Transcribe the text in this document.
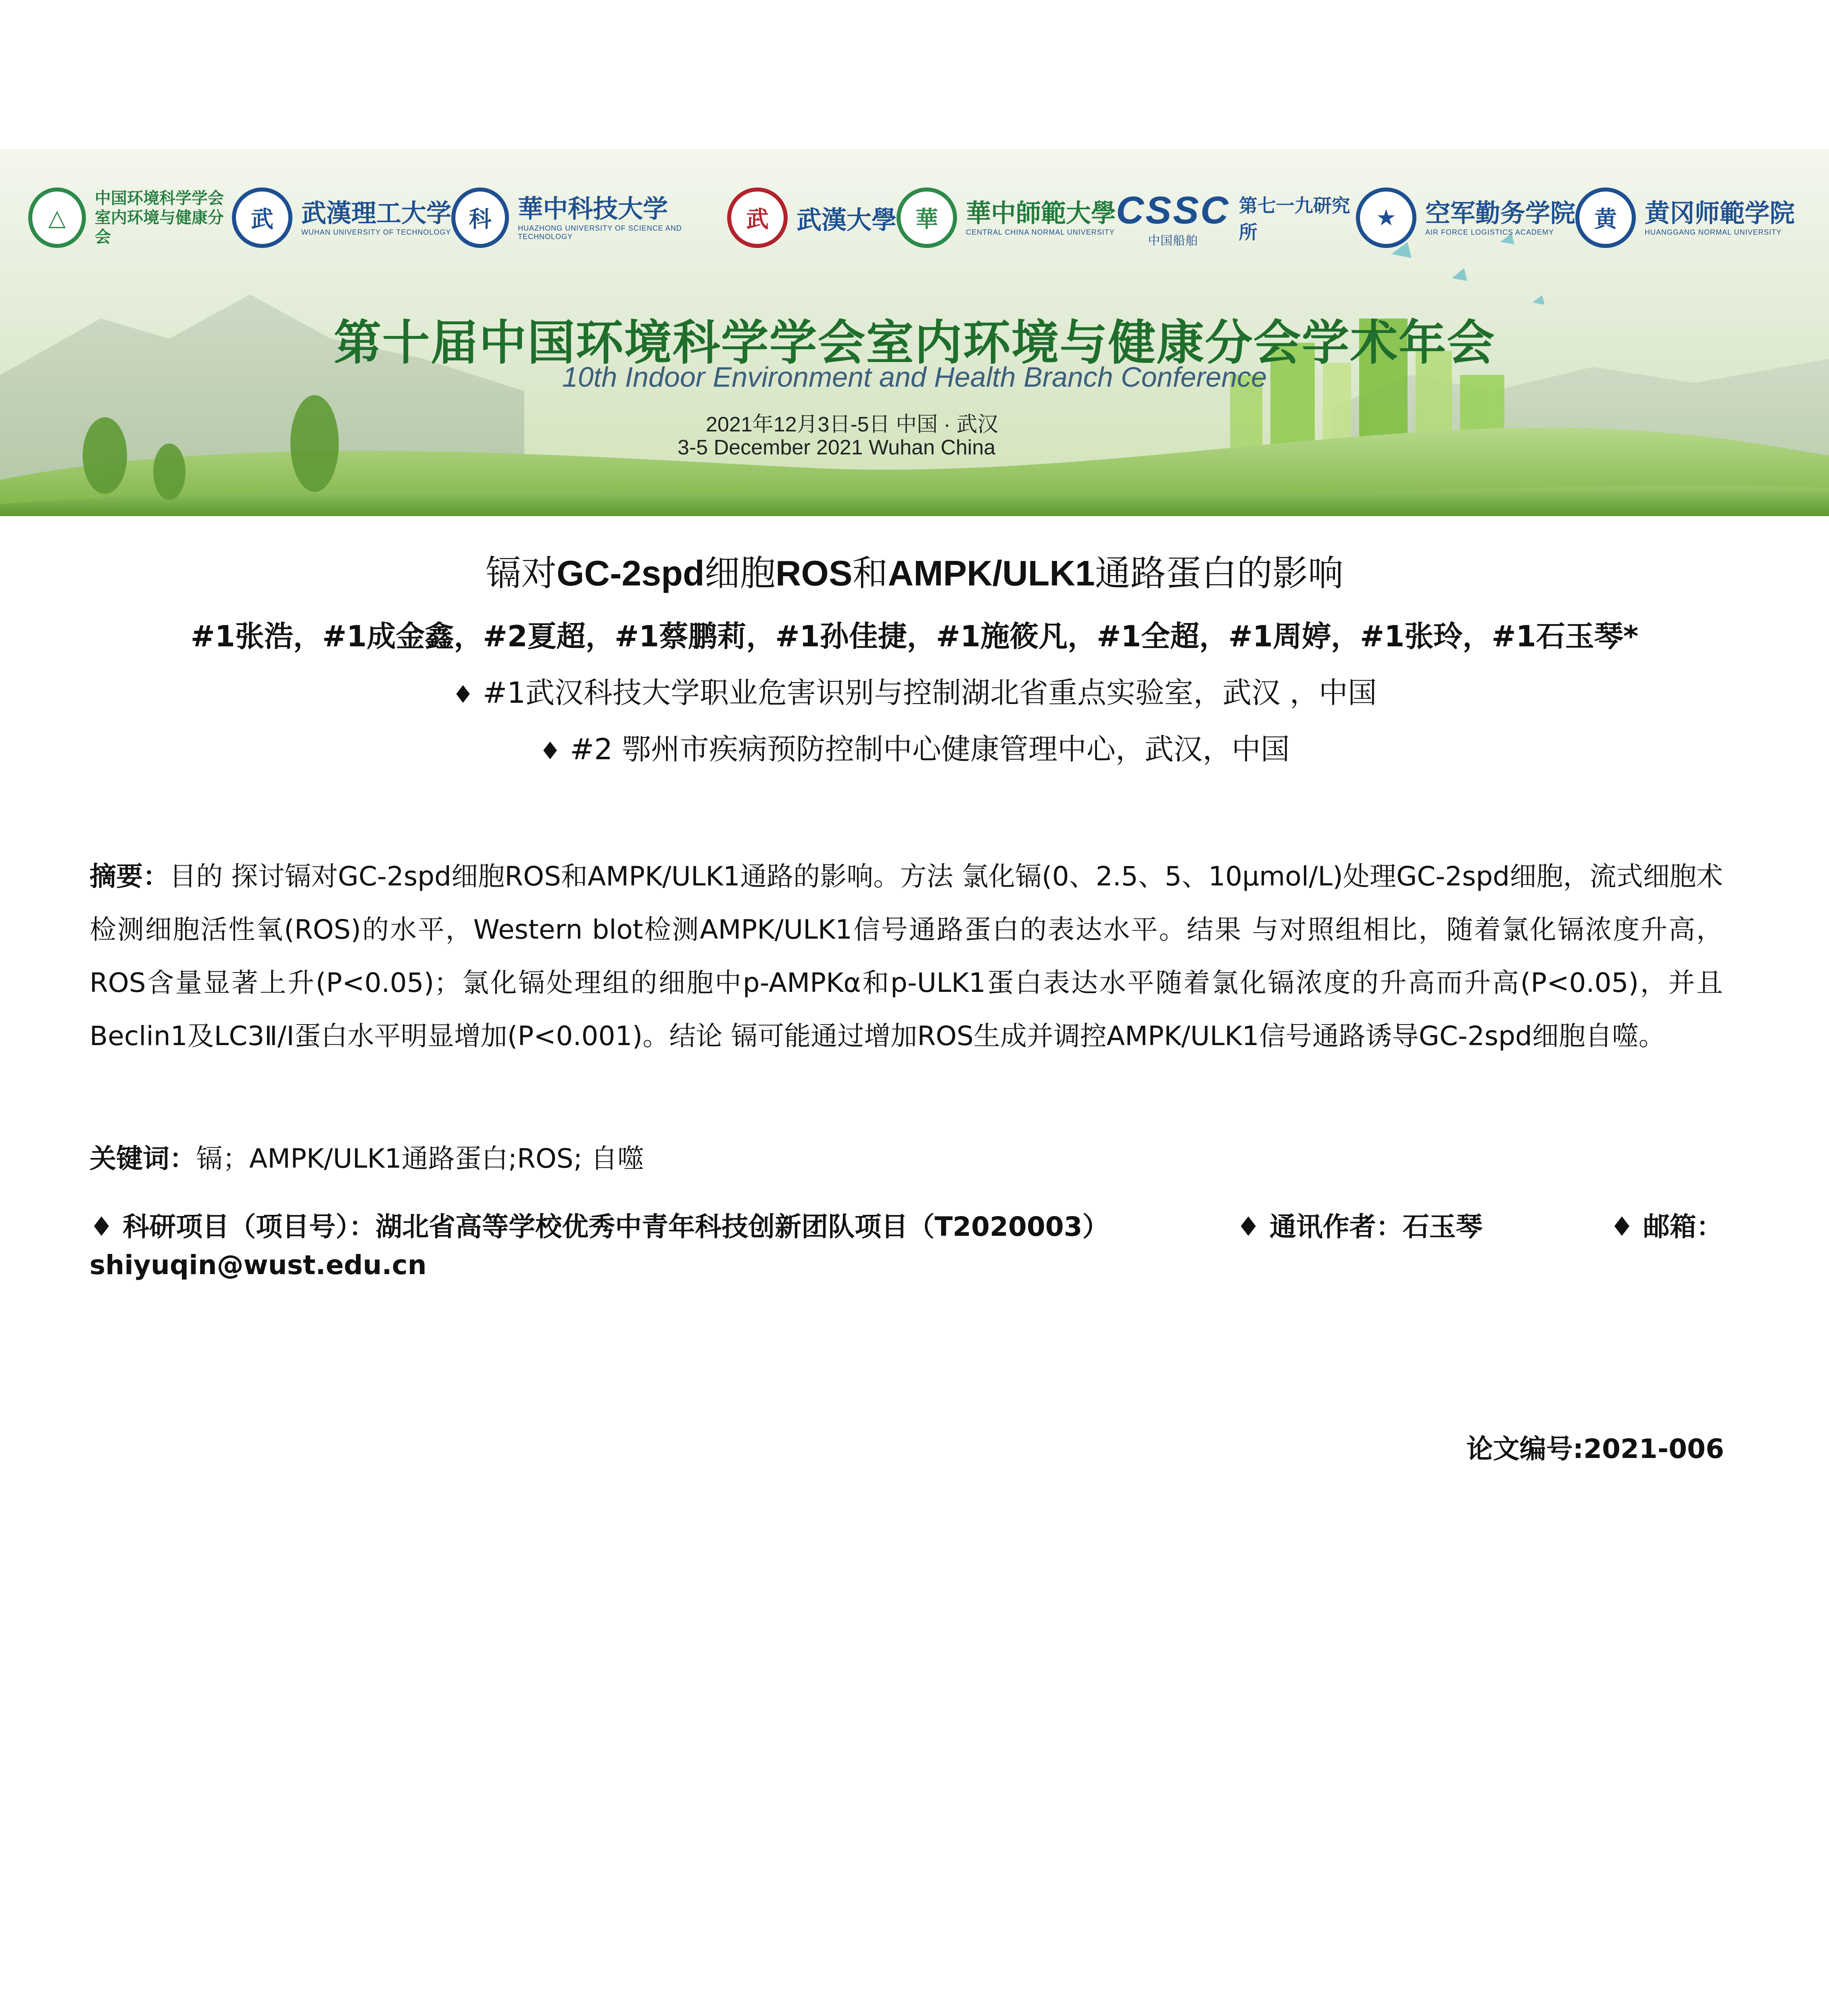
△
中国环境科学学会
室内环境与健康分会
武	武漢理工大学
WUHAN UNIVERSITY OF TECHNOLOGY
科	華中科技大学
HUAZHONG UNIVERSITY OF SCIENCE AND TECHNOLOGY
武	武漢大學 華	華中師範大學
CENTRAL CHINA NORMAL UNIVERSITY
CSSC
中国船舶
第七一九研究所
★	空军勤务学院
AIR FORCE LOGISTICS ACADEMY
黄	黄冈师範学院
HUANGGANG NORMAL UNIVERSITY
第十届中国环境科学学会室内环境与健康分会学术年会
10th Indoor Environment and Health Branch Conference
2021年12月3日-5日 中国 · 武汉
3-5 December 2021 Wuhan China
镉对GC-2spd细胞ROS和AMPK/ULK1通路蛋白的影响
#1张浩，#1成金鑫，#2夏超，#1蔡鹏莉，#1孙佳捷，#1施筱凡，#1全超，#1周婷，#1张玲，#1石玉琴*
♦ #1武汉科技大学职业危害识别与控制湖北省重点实验室，武汉 ，中国
♦ #2 鄂州市疾病预防控制中心健康管理中心，武汉，中国
摘要：目的 探讨镉对GC-2spd细胞ROS和AMPK/ULK1通路的影响。方法 氯化镉(0、2.5、5、10μmol/L)处理GC-2spd细胞，流式细胞术检测细胞活性氧(ROS)的水平，Western blot检测AMPK/ULK1信号通路蛋白的表达水平。结果 与对照组相比，随着氯化镉浓度升高，ROS含量显著上升(P<0.05)；氯化镉处理组的细胞中p-AMPKα和p-ULK1蛋白表达水平随着氯化镉浓度的升高而升高(P<0.05)，并且 Beclin1及LC3Ⅱ/Ⅰ蛋白水平明显增加(P<0.001)。结论 镉可能通过增加ROS生成并调控AMPK/ULK1信号通路诱导GC-2spd细胞自噬。
关键词：镉；AMPK/ULK1通路蛋白;ROS; 自噬
♦ 科研项目（项目号）：湖北省高等学校优秀中青年科技创新团队项目（T2020003）	♦ 通讯作者：石玉琴	♦ 邮箱：
shiyuqin@wust.edu.cn
论文编号:2021-006
